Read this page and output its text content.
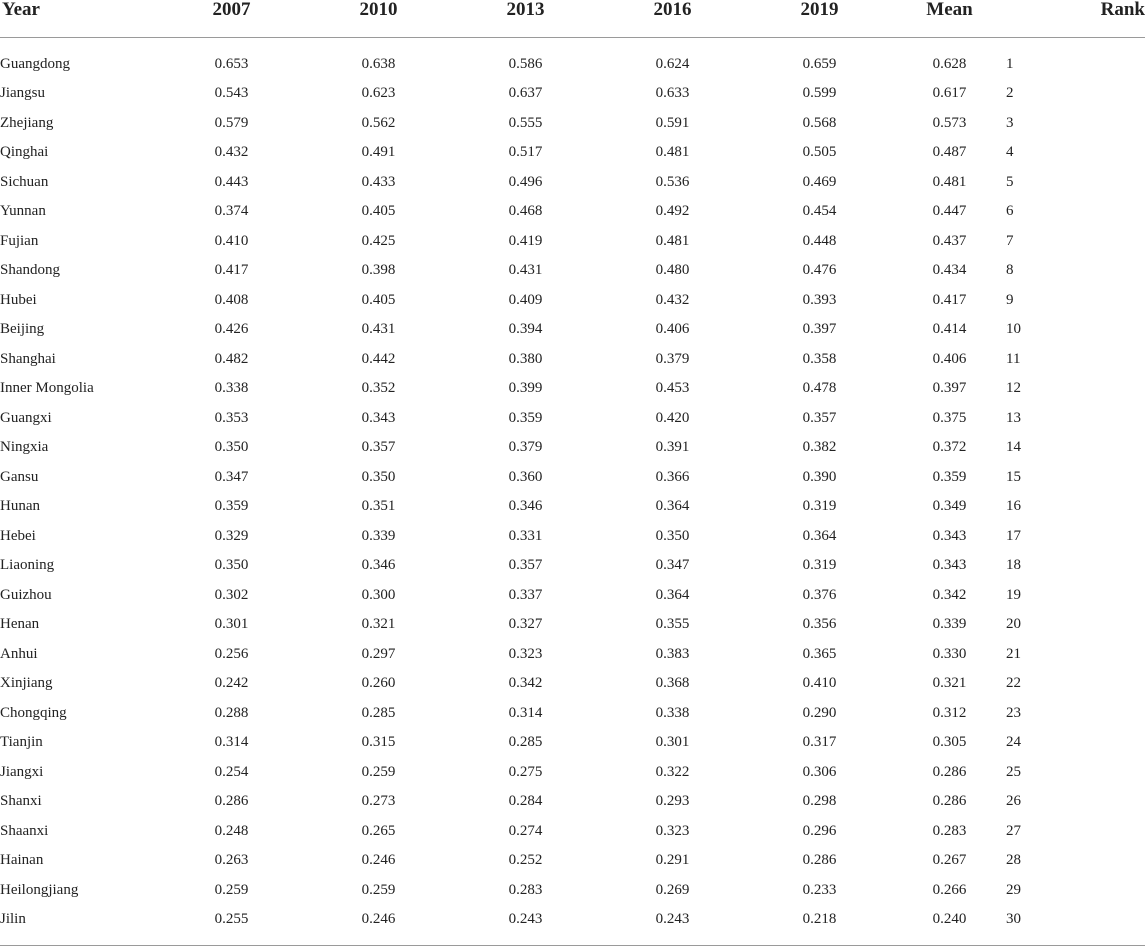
Year	2007	2010	2013	2016	2019	Mean	Rank

Guangdong	0.653	0.638	0.586	0.624	0.659	0.628	1
Jiangsu	0.543	0.623	0.637	0.633	0.599	0.617	2
Zhejiang	0.579	0.562	0.555	0.591	0.568	0.573	3
Qinghai	0.432	0.491	0.517	0.481	0.505	0.487	4
Sichuan	0.443	0.433	0.496	0.536	0.469	0.481	5
Yunnan	0.374	0.405	0.468	0.492	0.454	0.447	6
Fujian	0.410	0.425	0.419	0.481	0.448	0.437	7
Shandong	0.417	0.398	0.431	0.480	0.476	0.434	8
Hubei	0.408	0.405	0.409	0.432	0.393	0.417	9
Beijing	0.426	0.431	0.394	0.406	0.397	0.414	10
Shanghai	0.482	0.442	0.380	0.379	0.358	0.406	11
Inner Mongolia	0.338	0.352	0.399	0.453	0.478	0.397	12
Guangxi	0.353	0.343	0.359	0.420	0.357	0.375	13
Ningxia	0.350	0.357	0.379	0.391	0.382	0.372	14
Gansu	0.347	0.350	0.360	0.366	0.390	0.359	15
Hunan	0.359	0.351	0.346	0.364	0.319	0.349	16
Hebei	0.329	0.339	0.331	0.350	0.364	0.343	17
Liaoning	0.350	0.346	0.357	0.347	0.319	0.343	18
Guizhou	0.302	0.300	0.337	0.364	0.376	0.342	19
Henan	0.301	0.321	0.327	0.355	0.356	0.339	20
Anhui	0.256	0.297	0.323	0.383	0.365	0.330	21
Xinjiang	0.242	0.260	0.342	0.368	0.410	0.321	22
Chongqing	0.288	0.285	0.314	0.338	0.290	0.312	23
Tianjin	0.314	0.315	0.285	0.301	0.317	0.305	24
Jiangxi	0.254	0.259	0.275	0.322	0.306	0.286	25
Shanxi	0.286	0.273	0.284	0.293	0.298	0.286	26
Shaanxi	0.248	0.265	0.274	0.323	0.296	0.283	27
Hainan	0.263	0.246	0.252	0.291	0.286	0.267	28
Heilongjiang	0.259	0.259	0.283	0.269	0.233	0.266	29
Jilin	0.255	0.246	0.243	0.243	0.218	0.240	30
